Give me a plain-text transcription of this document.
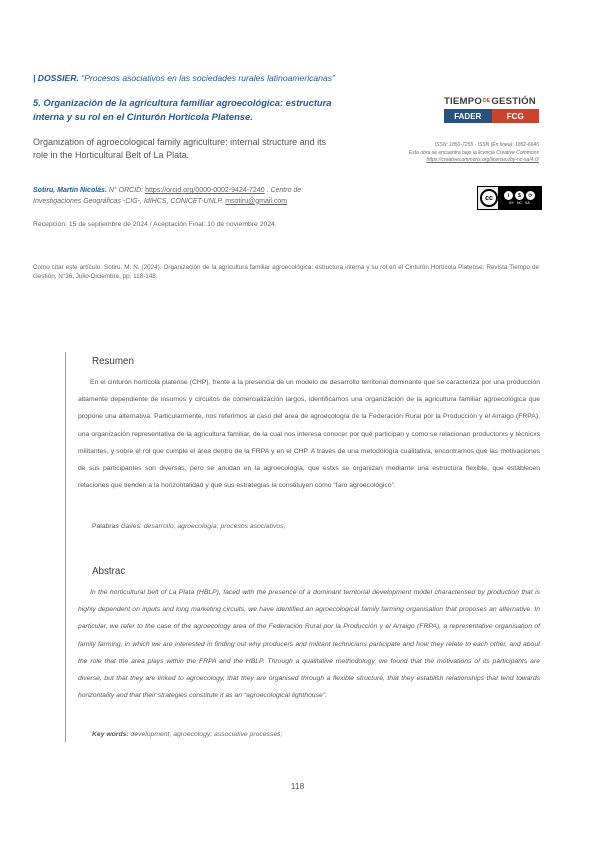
| DOSSIER. “Procesos asociativos en las sociedades rurales latinoamericanas”
5. Organización de la agricultura familiar agroecológica: estructura interna y su rol en el Cinturón Hortícola Platense.
Organization of agroecological family agriculture: internal structure and its role in the Horticultural Belt of La Plata.
TIEMPODEGESTIÓN
FADER	FCG
ISSN: 1850-7255 - ISSN (En línea): 1852-6646
Esta obra se encuentra bajo la licencia Creative Commons
https://creativecommons.org/licenses/by-nc-sa/4.0/
cc	i	$	⟳
BY NC SA
Sotiru, Martín Nicolás. N° ORCID: https://orcid.org/0000-0002-9424-7240 . Centro de Investigaciones Geográficas -CIG-, IdIHCS, CONICET-UNLP. msotiru@gmail.com
Recepción: 15 de septiembre de 2024 / Aceptación Final: 10 de noviembre 2024.
Como citar este artículo: Sotiru, M. N. (2024). Organización de la agricultura familiar agroecológica: estructura interna y su rol en el Cinturón Hortícola Platense. Revista Tiempo de Gestión, N°36, Julio-Diciembre, pp. 118-148.
Resumen
En el cinturón hortícola platense (CHP), frente a la presencia de un modelo de desarrollo territorial dominante que se caracteriza por una producción altamente dependiente de insumos y circuitos de comercialización largos, identificamos una organización de la agricultura familiar agroecológica que propone una alternativa. Particularmente, nos referimos al caso del área de agroecología de la Federación Rural por la Producción y el Arraigo (FRPA), una organización representativa de la agricultura familiar, de la cual nos interesa conocer por qué participan y como se relacionan productorxs y técnicxs militantes, y sobre el rol que cumple el área dentro de la FRPA y en el CHP. A través de una metodología cualitativa, encontramos que las motivaciones de sus participantes son diversas, pero se anudan en la agroecología, que estxs se organizan mediante una estructura flexible, que establecen relaciones que tienden a la horizontalidad y que sus estrategias la constituyen como “faro agroecológico”.
Palabras claves: desarrollo; agroecología; procesos asociativos;
Abstrac
In the horticultural belt of La Plata (HBLP), faced with the presence of a dominant territorial development model characterised by production that is highly dependent on inputs and long marketing circuits, we have identified an agroecological family farming organisation that proposes an alternative. In particular, we refer to the case of the agroecology area of the Federación Rural por la Producción y el Arraigo (FRPA), a representative organisation of family farming, in which we are interested in finding out why producers and militant technicians participate and how they relate to each other, and about the role that the area plays within the FRPA and the HBLP. Through a qualitative methodology, we found that the motivations of its participants are diverse, but that they are linked to agroecology, that they are organised through a flexible structure, that they establish relationships that tend towards horizontality and that their strategies constitute it as an “agroecological lighthouse”.
Key words: development; agroecology; associative processes;
118
